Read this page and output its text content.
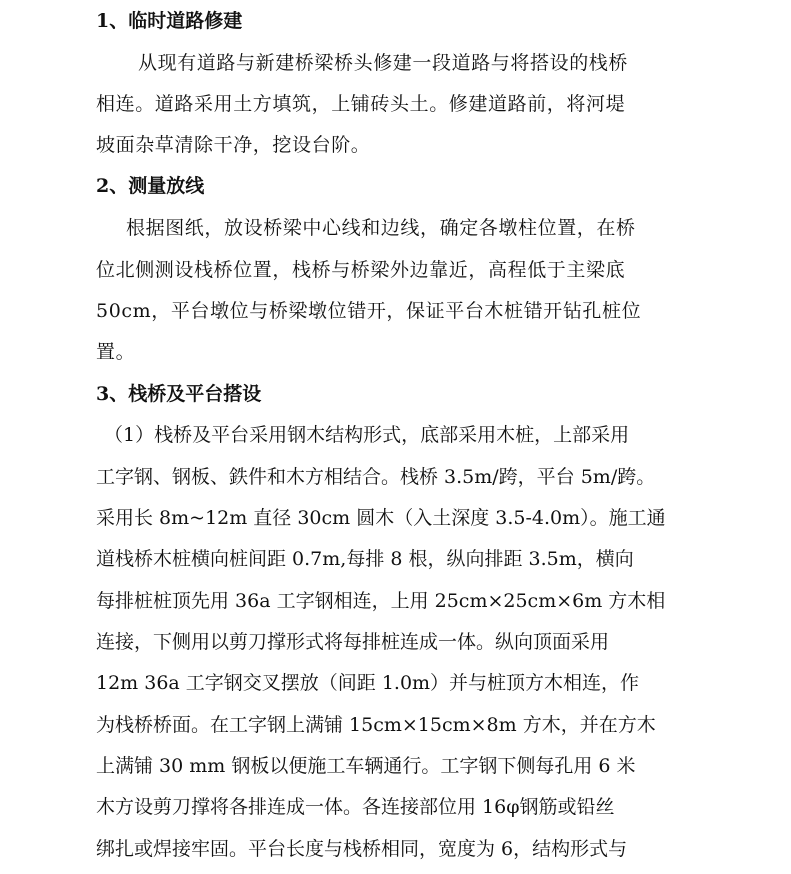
1、临时道路修建
从现有道路与新建桥梁桥头修建一段道路与将搭设的栈桥
相连。道路采用土方填筑，上铺砖头土。修建道路前，将河堤
坡面杂草清除干净，挖设台阶。
2、测量放线
根据图纸，放设桥梁中心线和边线，确定各墩柱位置，在桥
位北侧测设栈桥位置，栈桥与桥梁外边靠近，高程低于主梁底
50cm，平台墩位与桥梁墩位错开，保证平台木桩错开钻孔桩位
置。
3、栈桥及平台搭设
（1）栈桥及平台采用钢木结构形式，底部采用木桩，上部采用
工字钢、钢板、鉄件和木方相结合。栈桥 3.5m/跨，平台 5m/跨。
采用长 8m~12m 直径 30cm 圆木（入土深度 3.5-4.0m）。施工通
道栈桥木桩横向桩间距 0.7m,每排 8 根，纵向排距 3.5m，横向
每排桩桩顶先用 36a 工字钢相连，上用 25cm×25cm×6m 方木相
连接，下侧用以剪刀撑形式将每排桩连成一体。纵向顶面采用
12m 36a 工字钢交叉摆放（间距 1.0m）并与桩顶方木相连，作
为栈桥桥面。在工字钢上满铺 15cm×15cm×8m 方木，并在方木
上满铺 30 mm 钢板以便施工车辆通行。工字钢下侧每孔用 6 米
木方设剪刀撑将各排连成一体。各连接部位用 16φ钢筋或铅丝
绑扎或焊接牢固。平台长度与栈桥相同，宽度为 6，结构形式与
